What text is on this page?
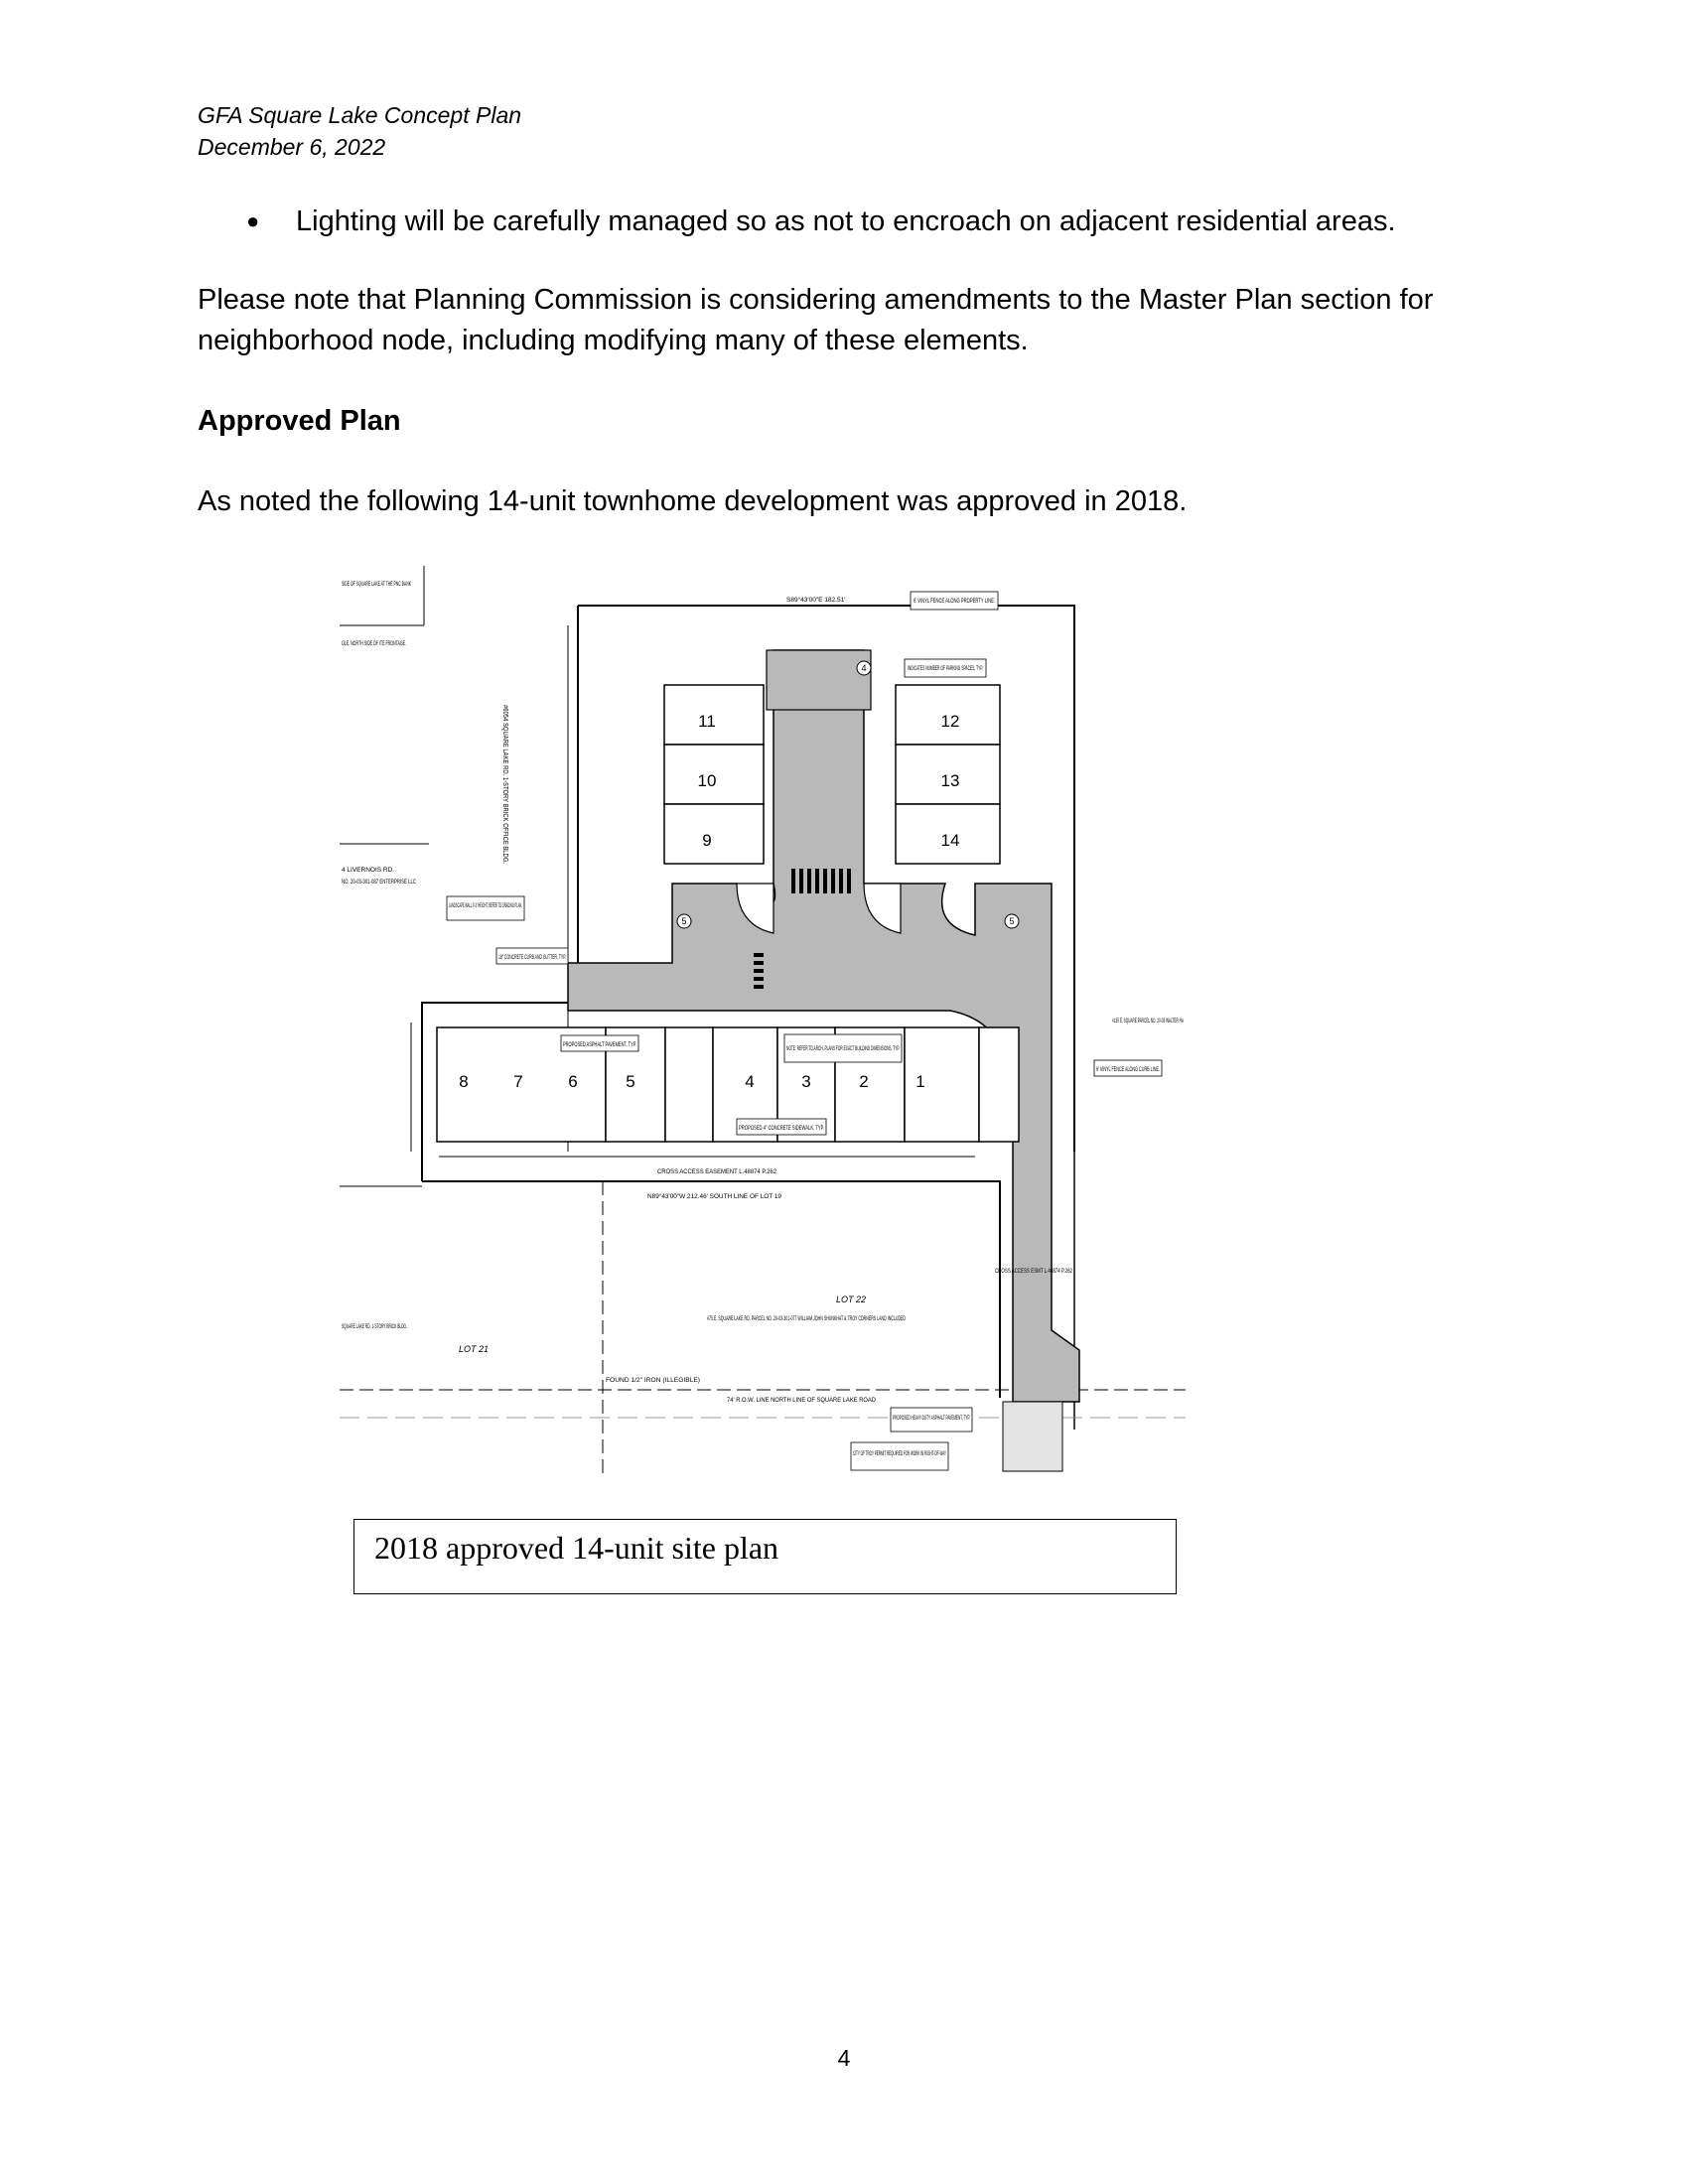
GFA Square Lake Concept Plan
December 6, 2022
● Lighting will be carefully managed so as not to encroach on adjacent residential areas.
Please note that Planning Commission is considering amendments to the Master Plan section for neighborhood node, including modifying many of these elements.
Approved Plan
As noted the following 14-unit townhome development was approved in 2018.
11
10
9
12
13
14
8	7	6	5	4	3	2	1
4
5	5
6' VINYL FENCE ALONG PROPERTY LINE.
S89°43'00"E 182.51'
INDICATES NUMBER OF PARKING SPACES, TYP.
SIDE OF SQUARE LAKE AT THE PNC BANK
OLE, NORTH SIDE OF ITE FRONTAGE.
4 LIVERNOIS RD.
NO. 20-03-301-087 ENTERPRISE LLC
LANDSCAPE WALL 0'-3' HEIGHT, REFER TO GRADING PLAN.
18" CONCRETE CURB AND GUTTER, TYP.
PROPOSED ASPHALT PAVEMENT, TYP.
NOTE: REFER TO ARCH. PLANS FOR EXACT BUILDING DIMENSIONS, TYP.
PROPOSED 4" CONCRETE SIDEWALK, TYP.
CROSS ACCESS EASEMENT L.48874 P.262
N89°43'00"W 212.46' SOUTH LINE OF LOT 19
#135 E. SQUARE PARCEL NO. 20-03 WALTER HA
6' VINYL FENCE ALONG CURB LINE.
CROSS ACCESS ESMT L.48874 P.262
#75 E. SQUARE LAKE RD. PARCEL NO. 20-03-301-077 WILLIAM JOHN SHUNKHAT & TROY CORNERS LAND INCLUDED
LOT 22
LOT 21
FOUND 1/2" IRON (ILLEGIBLE)
74' R.O.W. LINE NORTH LINE OF SQUARE LAKE ROAD
PROPOSED HEAVY-DUTY ASPHALT PAVEMENT, TYP.
CITY OF TROY PERMIT REQUIRED FOR WORK IN RIGHT-OF-WAY
SQUARE LAKE RD. 1-STORY BRICK BLDG.
#6054 SQUARE LAKE RD. 1-STORY BRICK OFFICE BLDG.
2018 approved 14-unit site plan
4
